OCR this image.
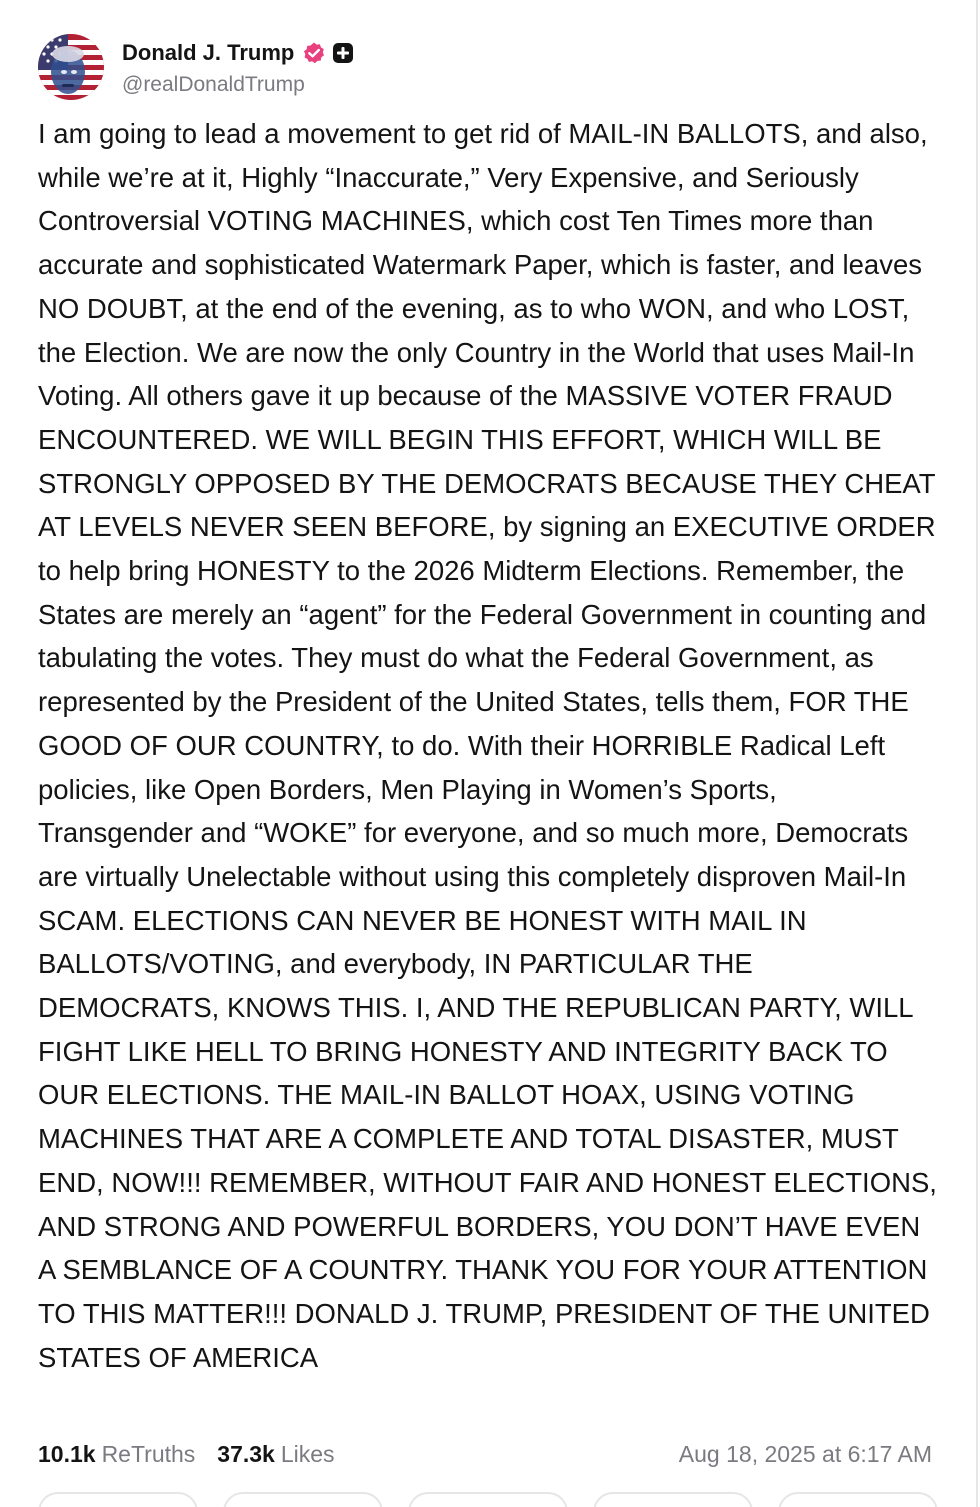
Donald J. Trump
@realDonaldTrump
I am going to lead a movement to get rid of MAIL-IN BALLOTS, and also, while we’re at it, Highly “Inaccurate,” Very Expensive, and Seriously Controversial VOTING MACHINES, which cost Ten Times more than accurate and sophisticated Watermark Paper, which is faster, and leaves NO DOUBT, at the end of the evening, as to who WON, and who LOST, the Election. We are now the only Country in the World that uses Mail-In Voting. All others gave it up because of the MASSIVE VOTER FRAUD ENCOUNTERED. WE WILL BEGIN THIS EFFORT, WHICH WILL BE STRONGLY OPPOSED BY THE DEMOCRATS BECAUSE THEY CHEAT AT LEVELS NEVER SEEN BEFORE, by signing an EXECUTIVE ORDER to help bring HONESTY to the 2026 Midterm Elections. Remember, the States are merely an “agent” for the Federal Government in counting and tabulating the votes. They must do what the Federal Government, as represented by the President of the United States, tells them, FOR THE GOOD OF OUR COUNTRY, to do. With their HORRIBLE Radical Left policies, like Open Borders, Men Playing in Women’s Sports, Transgender and “WOKE” for everyone, and so much more, Democrats are virtually Unelectable without using this completely disproven Mail-In SCAM. ELECTIONS CAN NEVER BE HONEST WITH MAIL IN BALLOTS/VOTING, and everybody, IN PARTICULAR THE DEMOCRATS, KNOWS THIS. I, AND THE REPUBLICAN PARTY, WILL FIGHT LIKE HELL TO BRING HONESTY AND INTEGRITY BACK TO OUR ELECTIONS. THE MAIL-IN BALLOT HOAX, USING VOTING MACHINES THAT ARE A COMPLETE AND TOTAL DISASTER, MUST END, NOW!!! REMEMBER, WITHOUT FAIR AND HONEST ELECTIONS, AND STRONG AND POWERFUL BORDERS, YOU DON’T HAVE EVEN A SEMBLANCE OF A COUNTRY. THANK YOU FOR YOUR ATTENTION TO THIS MATTER!!! DONALD J. TRUMP, PRESIDENT OF THE UNITED STATES OF AMERICA
10.1k ReTruths 37.3k Likes	Aug 18, 2025 at 6:17 AM
